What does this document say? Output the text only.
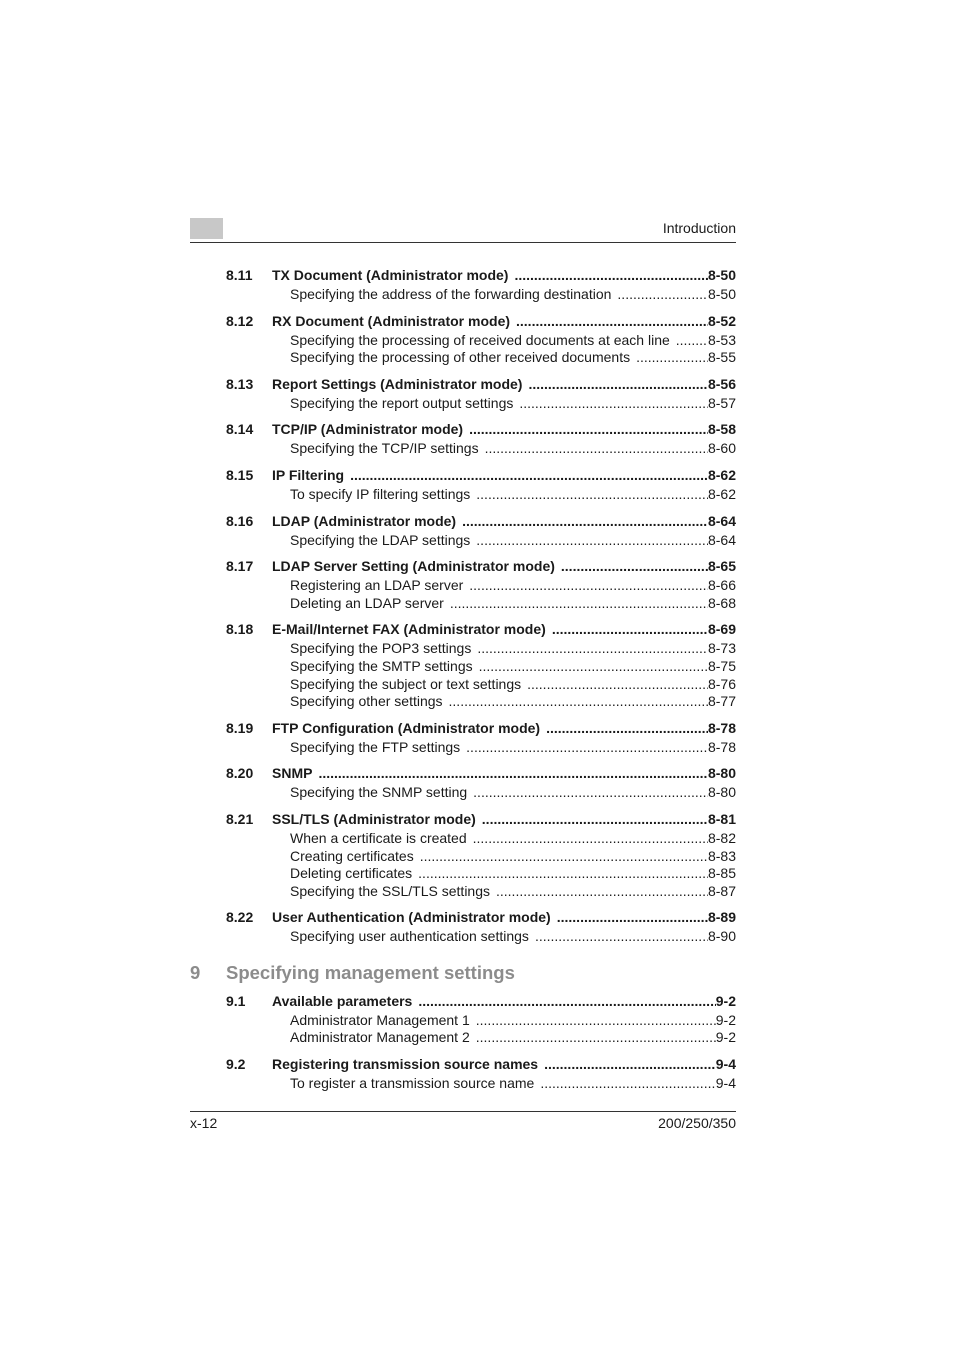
Introduction
8.11	TX Document (Administrator mode) .....	8-50
Specifying the address of the forwarding destination .....	8-50
8.12	RX Document (Administrator mode) .....	8-52
Specifying the processing of received documents at each line .....	8-53
Specifying the processing of other received documents .....	8-55
8.13	Report Settings (Administrator mode) .....	8-56
Specifying the report output settings .....	8-57
8.14	TCP/IP (Administrator mode) .....	8-58
Specifying the TCP/IP settings .....	8-60
8.15	IP Filtering .....	8-62
To specify IP filtering settings .....	8-62
8.16	LDAP (Administrator mode) .....	8-64
Specifying the LDAP settings .....	8-64
8.17	LDAP Server Setting (Administrator mode) .....	8-65
Registering an LDAP server .....	8-66
Deleting an LDAP server .....	8-68
8.18	E-Mail/Internet FAX (Administrator mode) .....	8-69
Specifying the POP3 settings .....	8-73
Specifying the SMTP settings .....	8-75
Specifying the subject or text settings .....	8-76
Specifying other settings .....	8-77
8.19	FTP Configuration (Administrator mode) .....	8-78
Specifying the FTP settings .....	8-78
8.20	SNMP .....	8-80
Specifying the SNMP setting .....	8-80
8.21	SSL/TLS (Administrator mode) .....	8-81
When a certificate is created .....	8-82
Creating certificates .....	8-83
Deleting certificates .....	8-85
Specifying the SSL/TLS settings .....	8-87
8.22	User Authentication (Administrator mode) .....	8-89
Specifying user authentication settings .....	8-90
9 Specifying management settings
9.1	Available parameters .....	9-2
Administrator Management 1 .....	9-2
Administrator Management 2 .....	9-2
9.2	Registering transmission source names .....	9-4
To register a transmission source name .....	9-4
x-12	200/250/350
